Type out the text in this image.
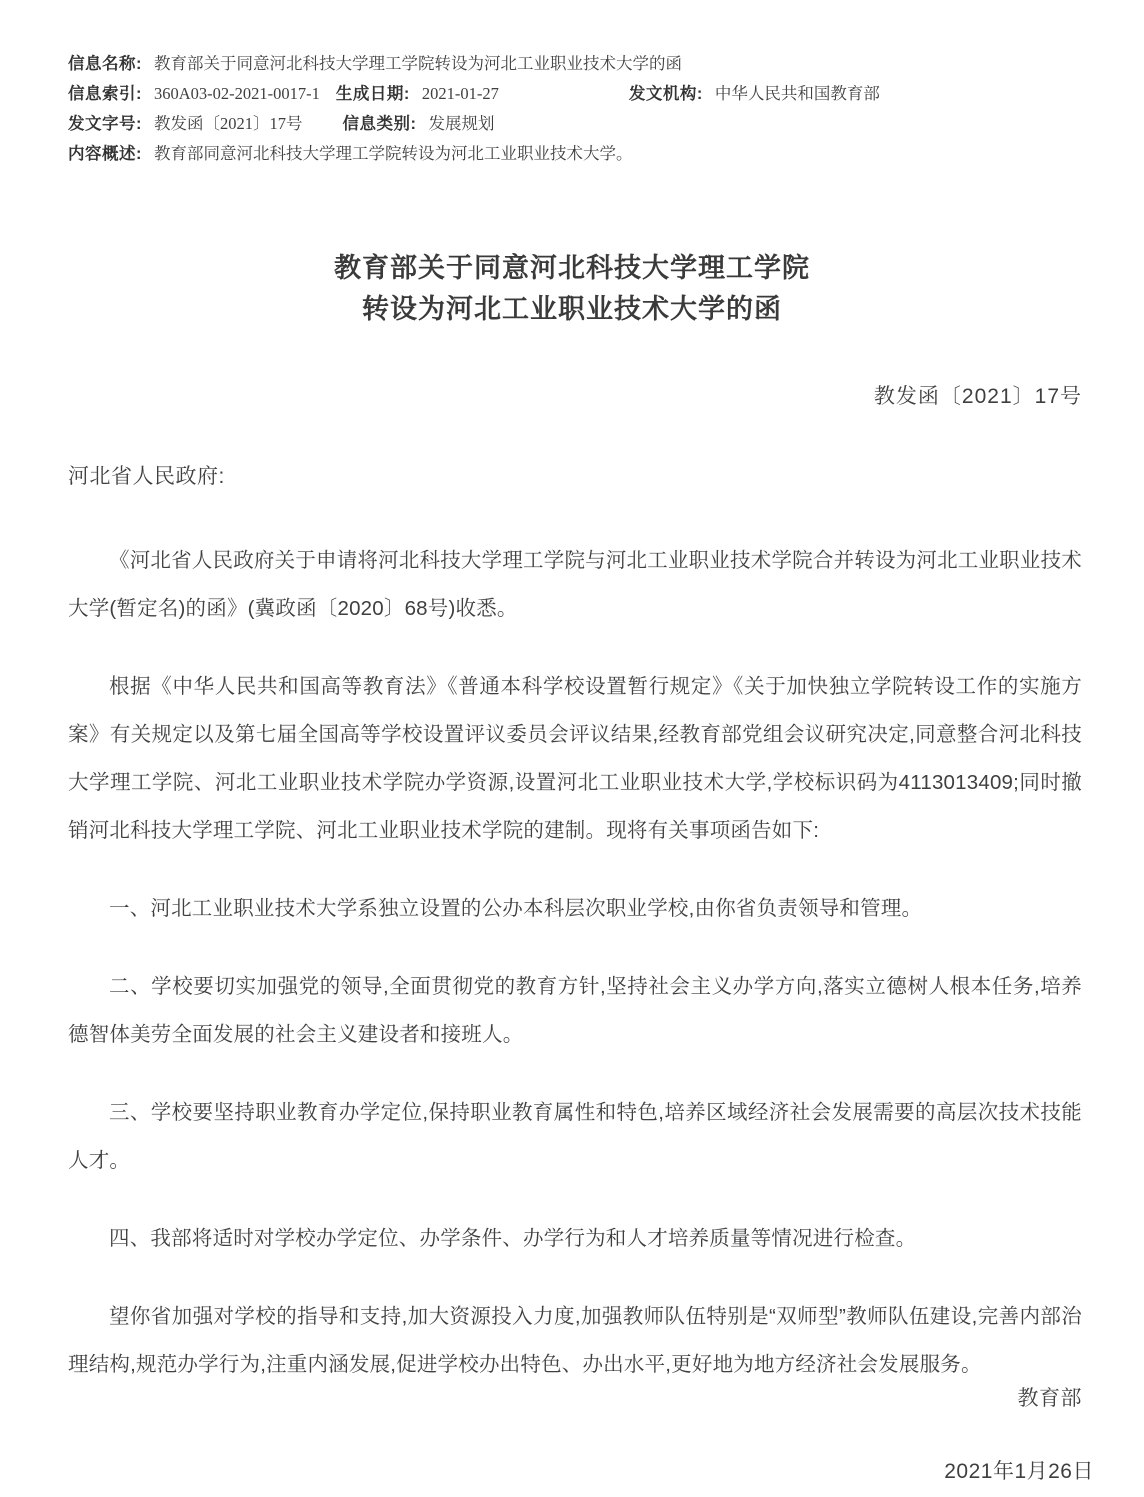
信息名称: 教育部关于同意河北科技大学理工学院转设为河北工业职业技术大学的函
信息索引: 360A03-02-2021-0017-1 生成日期: 2021-01-27	发文机构: 中华人民共和国教育部
发文字号: 教发函〔2021〕17号 信息类别: 发展规划
内容概述: 教育部同意河北科技大学理工学院转设为河北工业职业技术大学。
教育部关于同意河北科技大学理工学院
转设为河北工业职业技术大学的函
教发函〔2021〕17号
河北省人民政府:

《河北省人民政府关于申请将河北科技大学理工学院与河北工业职业技术学院合并转设为河北工业职业技术大学(暂定名)的函》(冀政函〔2020〕68号)收悉。

根据《中华人民共和国高等教育法》《普通本科学校设置暂行规定》《关于加快独立学院转设工作的实施方案》有关规定以及第七届全国高等学校设置评议委员会评议结果,经教育部党组会议研究决定,同意整合河北科技大学理工学院、河北工业职业技术学院办学资源,设置河北工业职业技术大学,学校标识码为4113013409;同时撤销河北科技大学理工学院、河北工业职业技术学院的建制。现将有关事项函告如下:

一、河北工业职业技术大学系独立设置的公办本科层次职业学校,由你省负责领导和管理。

二、学校要切实加强党的领导,全面贯彻党的教育方针,坚持社会主义办学方向,落实立德树人根本任务,培养德智体美劳全面发展的社会主义建设者和接班人。

三、学校要坚持职业教育办学定位,保持职业教育属性和特色,培养区域经济社会发展需要的高层次技术技能人才。

四、我部将适时对学校办学定位、办学条件、办学行为和人才培养质量等情况进行检查。

望你省加强对学校的指导和支持,加大资源投入力度,加强教师队伍特别是“双师型”教师队伍建设,完善内部治理结构,规范办学行为,注重内涵发展,促进学校办出特色、办出水平,更好地为地方经济社会发展服务。

教育部
2021年1月26日
